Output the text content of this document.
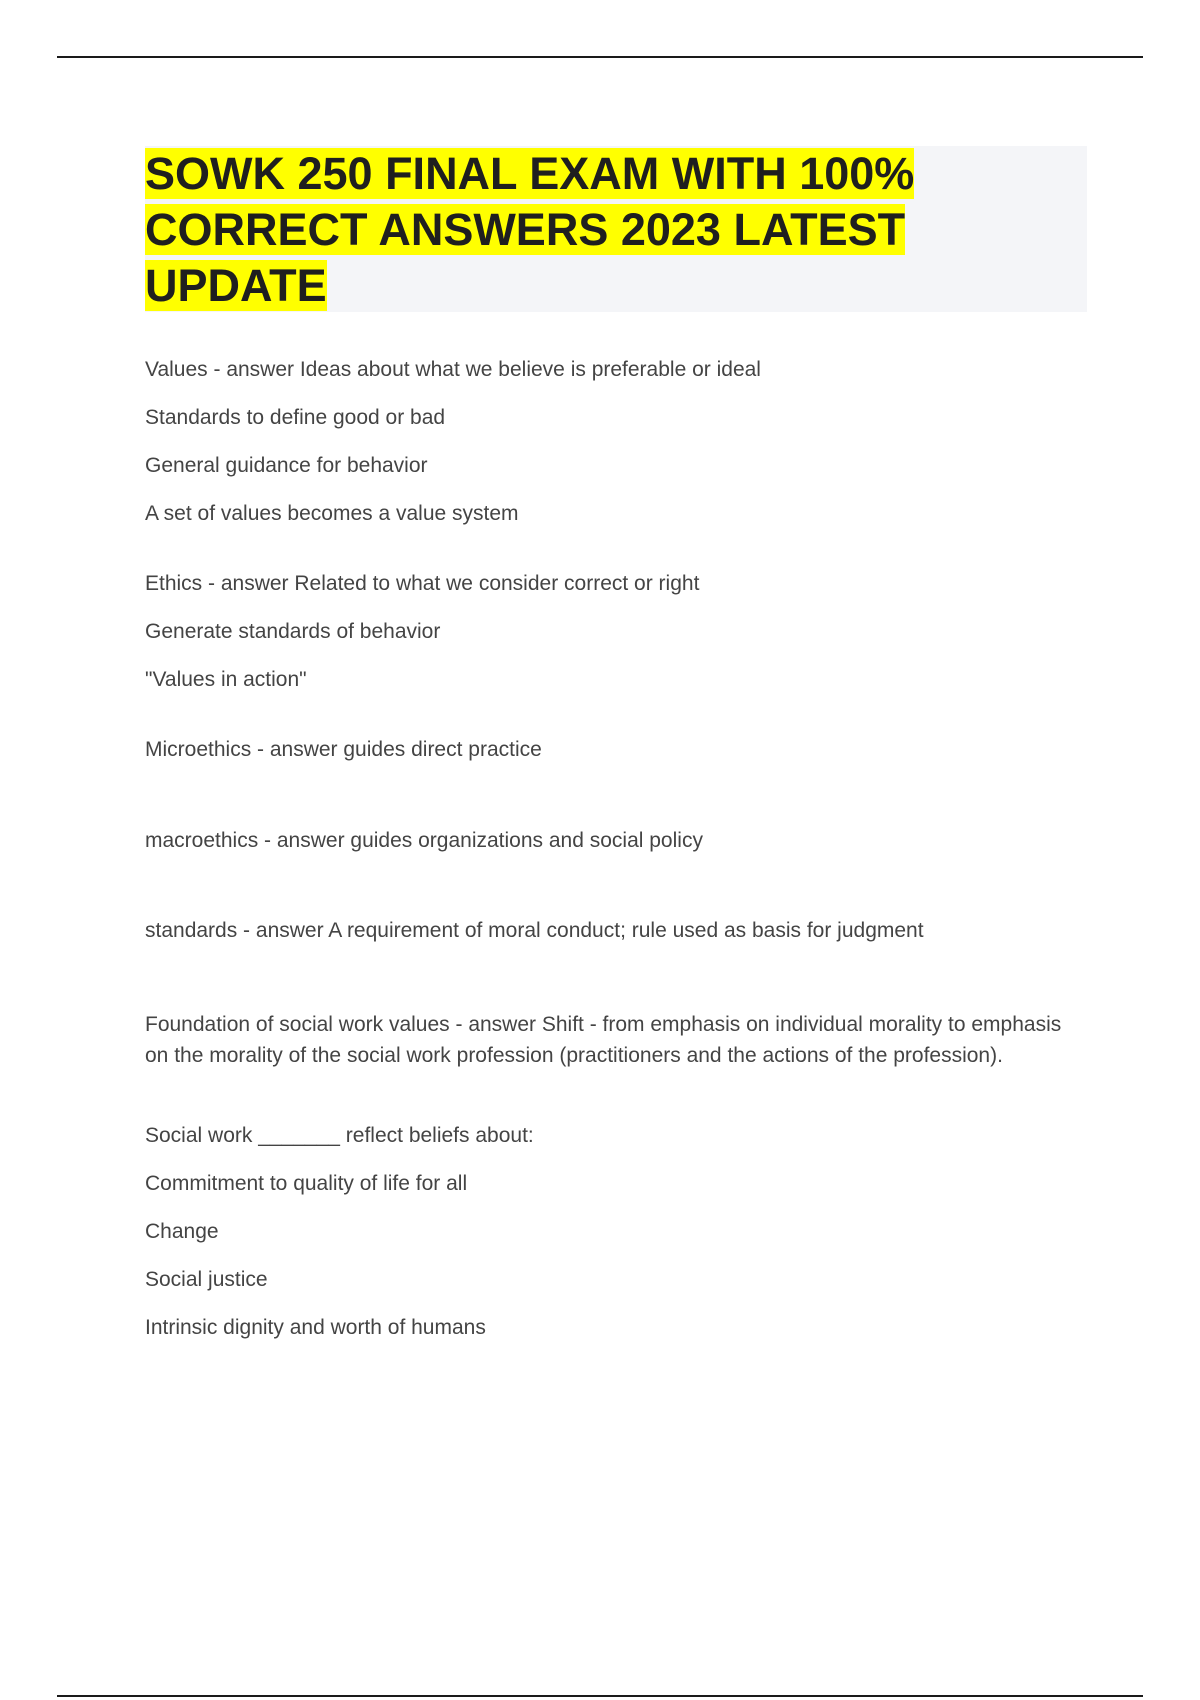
SOWK 250 FINAL EXAM WITH 100% CORRECT ANSWERS 2023 LATEST UPDATE

Values - answer Ideas about what we believe is preferable or ideal

Standards to define good or bad

General guidance for behavior

A set of values becomes a value system

Ethics - answer Related to what we consider correct or right

Generate standards of behavior

"Values in action"

Microethics - answer guides direct practice

macroethics - answer guides organizations and social policy

standards - answer A requirement of moral conduct; rule used as basis for judgment

Foundation of social work values - answer Shift - from emphasis on individual morality to emphasis on the morality of the social work profession (practitioners and the actions of the profession).

Social work _______ reflect beliefs about:

Commitment to quality of life for all

Change

Social justice

Intrinsic dignity and worth of humans
